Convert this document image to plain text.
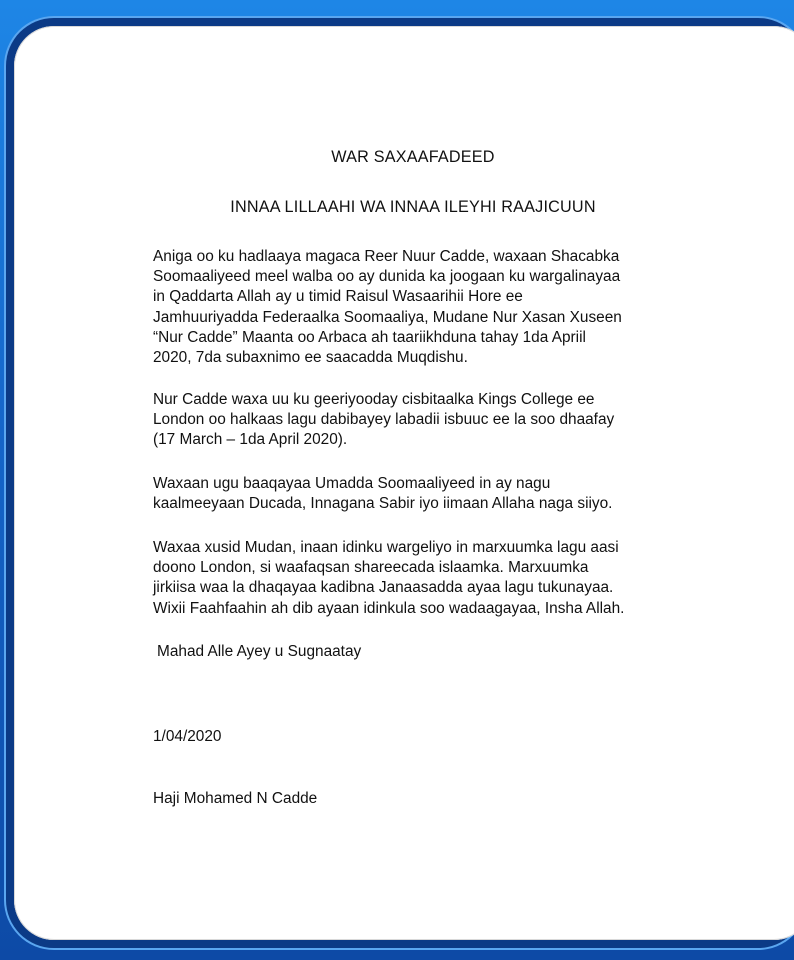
WAR SAXAAFADEED
INNAA LILLAAHI WA INNAA ILEYHI RAAJICUUN

Aniga oo ku hadlaaya magaca Reer Nuur Cadde, waxaan Shacabka
Soomaaliyeed meel walba oo ay dunida ka joogaan ku wargalinayaa
in Qaddarta Allah ay u timid Raisul Wasaarihii Hore ee
Jamhuuriyadda Federaalka Soomaaliya, Mudane Nur Xasan Xuseen
“Nur Cadde” Maanta oo Arbaca ah taariikhduna tahay 1da Apriil
2020, 7da subaxnimo ee saacadda Muqdishu.

Nur Cadde waxa uu ku geeriyooday cisbitaalka Kings College ee
London oo halkaas lagu dabibayey labadii isbuuc ee la soo dhaafay
(17 March – 1da April 2020).

Waxaan ugu baaqayaa Umadda Soomaaliyeed in ay nagu
kaalmeeyaan Ducada, Innagana Sabir iyo iimaan Allaha naga siiyo.

Waxaa xusid Mudan, inaan idinku wargeliyo in marxuumka lagu aasi
doono London, si waafaqsan shareecada islaamka. Marxuumka
jirkiisa waa la dhaqayaa kadibna Janaasadda ayaa lagu tukunayaa.
Wixii Faahfaahin ah dib ayaan idinkula soo wadaagayaa, Insha Allah.

Mahad Alle Ayey u Sugnaatay

1/04/2020

Haji Mohamed N Cadde
